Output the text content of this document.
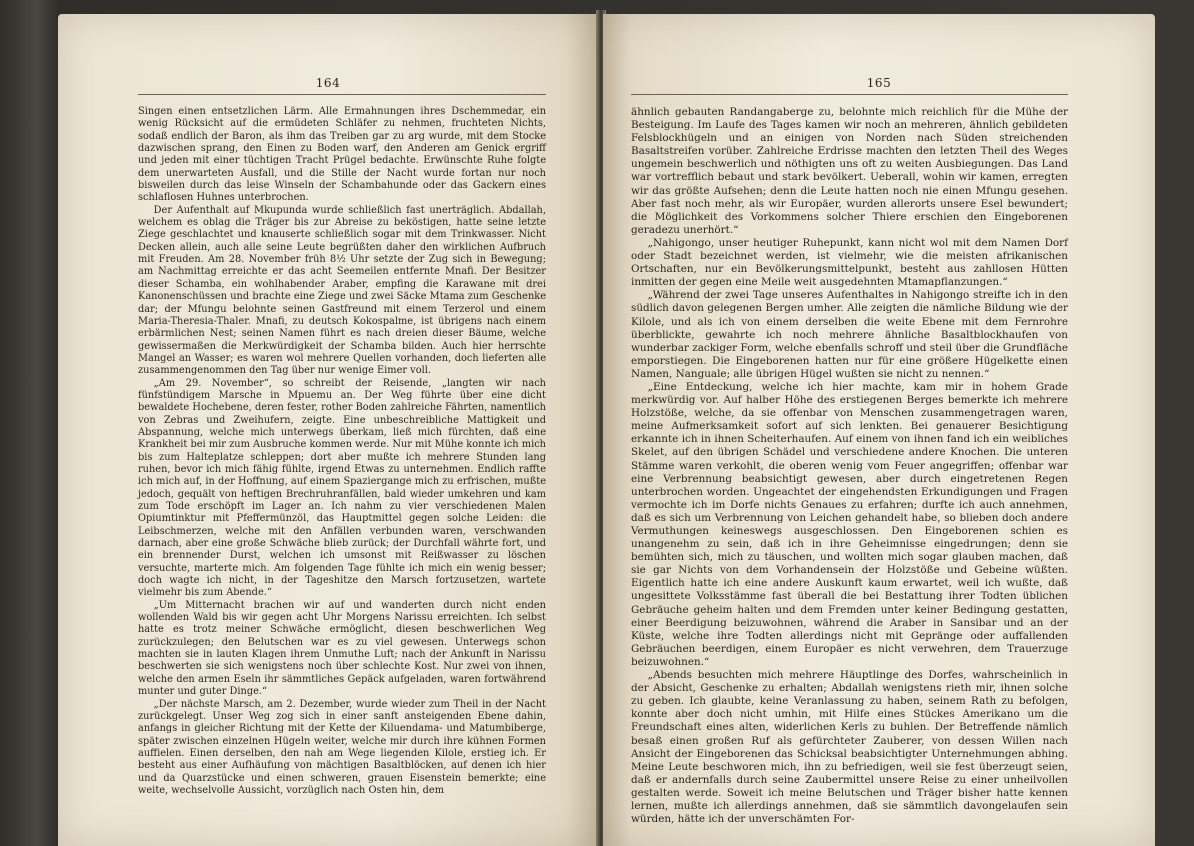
164

Singen einen entsetzlichen Lärm. Alle Ermahnungen ihres Dschemmedar, ein wenig Rücksicht auf die ermüdeten Schläfer zu nehmen, fruchteten Nichts, sodaß endlich der Baron, als ihm das Treiben gar zu arg wurde, mit dem Stocke dazwischen sprang, den Einen zu Boden warf, den Anderen am Genick ergriff und jeden mit einer tüchtigen Tracht Prügel bedachte. Erwünschte Ruhe folgte dem unerwarteten Ausfall, und die Stille der Nacht wurde fortan nur noch bisweilen durch das leise Winseln der Schambahunde oder das Gackern eines schlaflosen Huhnes unterbrochen.

Der Aufenthalt auf Mkupunda wurde schließlich fast unerträglich. Abdallah, welchem es oblag die Träger bis zur Abreise zu beköstigen, hatte seine letzte Ziege geschlachtet und knauserte schließlich sogar mit dem Trinkwasser. Nicht Decken allein, auch alle seine Leute begrüßten daher den wirklichen Aufbruch mit Freuden. Am 28. November früh 8½ Uhr setzte der Zug sich in Bewegung; am Nachmittag erreichte er das acht Seemeilen entfernte Mnafi. Der Besitzer dieser Schamba, ein wohlhabender Araber, empfing die Karawane mit drei Kanonenschüssen und brachte eine Ziege und zwei Säcke Mtama zum Geschenke dar; der Mfungu belohnte seinen Gastfreund mit einem Terzerol und einem Maria-Theresia-Thaler. Mnafi, zu deutsch Kokospalme, ist übrigens nach einem erbärmlichen Nest; seinen Namen führt es nach dreien dieser Bäume, welche gewissermaßen die Merkwürdigkeit der Schamba bilden. Auch hier herrschte Mangel an Wasser; es waren wol mehrere Quellen vorhanden, doch lieferten alle zusammengenommen den Tag über nur wenige Eimer voll.

„Am 29. November“, so schreibt der Reisende, „langten wir nach fünfstündigem Marsche in Mpuemu an. Der Weg führte über eine dicht bewaldete Hochebene, deren fester, rother Boden zahlreiche Fährten, namentlich von Zebras und Zweihufern, zeigte. Eine unbeschreibliche Mattigkeit und Abspannung, welche mich unterwegs überkam, ließ mich fürchten, daß eine Krankheit bei mir zum Ausbruche kommen werde. Nur mit Mühe konnte ich mich bis zum Halteplatze schleppen; dort aber mußte ich mehrere Stunden lang ruhen, bevor ich mich fähig fühlte, irgend Etwas zu unternehmen. Endlich raffte ich mich auf, in der Hoffnung, auf einem Spaziergange mich zu erfrischen, mußte jedoch, gequält von heftigen Brechruhranfällen, bald wieder umkehren und kam zum Tode erschöpft im Lager an. Ich nahm zu vier verschiedenen Malen Opiumtinktur mit Pfeffermünzöl, das Hauptmittel gegen solche Leiden: die Leibschmerzen, welche mit den Anfällen verbunden waren, verschwanden darnach, aber eine große Schwäche blieb zurück; der Durchfall währte fort, und ein brennender Durst, welchen ich umsonst mit Reißwasser zu löschen versuchte, marterte mich. Am folgenden Tage fühlte ich mich ein wenig besser; doch wagte ich nicht, in der Tageshitze den Marsch fortzusetzen, wartete vielmehr bis zum Abende.“

„Um Mitternacht brachen wir auf und wanderten durch nicht enden wollenden Wald bis wir gegen acht Uhr Morgens Narissu erreichten. Ich selbst hatte es trotz meiner Schwäche ermöglicht, diesen beschwerlichen Weg zurückzulegen; den Belutschen war es zu viel gewesen. Unterwegs schon machten sie in lauten Klagen ihrem Unmuthe Luft; nach der Ankunft in Narissu beschwerten sie sich wenigstens noch über schlechte Kost. Nur zwei von ihnen, welche den armen Eseln ihr sämmtliches Gepäck aufgeladen, waren fortwährend munter und guter Dinge.“

„Der nächste Marsch, am 2. Dezember, wurde wieder zum Theil in der Nacht zurückgelegt. Unser Weg zog sich in einer sanft ansteigenden Ebene dahin, anfangs in gleicher Richtung mit der Kette der Kiluendama- und Matumbiberge, später zwischen einzelnen Hügeln weiter, welche mir durch ihre kühnen Formen auffielen. Einen derselben, den nah am Wege liegenden Kilole, erstieg ich. Er besteht aus einer Aufhäufung von mächtigen Basaltblöcken, auf denen ich hier und da Quarzstücke und einen schweren, grauen Eisenstein bemerkte; eine weite, wechselvolle Aussicht, vorzüglich nach Osten hin, dem

165

ähnlich gebauten Randangaberge zu, belohnte mich reichlich für die Mühe der Besteigung. Im Laufe des Tages kamen wir noch an mehreren, ähnlich gebildeten Felsblockhügeln und an einigen von Norden nach Süden streichenden Basaltstreifen vorüber. Zahlreiche Erdrisse machten den letzten Theil des Weges ungemein beschwerlich und nöthigten uns oft zu weiten Ausbiegungen. Das Land war vortrefflich bebaut und stark bevölkert. Ueberall, wohin wir kamen, erregten wir das größte Aufsehen; denn die Leute hatten noch nie einen Mfungu gesehen. Aber fast noch mehr, als wir Europäer, wurden allerorts unsere Esel bewundert; die Möglichkeit des Vorkommens solcher Thiere erschien den Eingeborenen geradezu unerhört.“

„Nahigongo, unser heutiger Ruhepunkt, kann nicht wol mit dem Namen Dorf oder Stadt bezeichnet werden, ist vielmehr, wie die meisten afrikanischen Ortschaften, nur ein Bevölkerungsmittelpunkt, besteht aus zahllosen Hütten inmitten der gegen eine Meile weit ausgedehnten Mtamapflanzungen.“

„Während der zwei Tage unseres Aufenthaltes in Nahigongo streifte ich in den südlich davon gelegenen Bergen umher. Alle zeigten die nämliche Bildung wie der Kilole, und als ich von einem derselben die weite Ebene mit dem Fernrohre überblickte, gewahrte ich noch mehrere ähnliche Basaltblockhaufen von wunderbar zackiger Form, welche ebenfalls schroff und steil über die Grundfläche emporstiegen. Die Eingeborenen hatten nur für eine größere Hügelkette einen Namen, Nanguale; alle übrigen Hügel wußten sie nicht zu nennen.“

„Eine Entdeckung, welche ich hier machte, kam mir in hohem Grade merkwürdig vor. Auf halber Höhe des erstiegenen Berges bemerkte ich mehrere Holzstöße, welche, da sie offenbar von Menschen zusammengetragen waren, meine Aufmerksamkeit sofort auf sich lenkten. Bei genauerer Besichtigung erkannte ich in ihnen Scheiterhaufen. Auf einem von ihnen fand ich ein weibliches Skelet, auf den übrigen Schädel und verschiedene andere Knochen. Die unteren Stämme waren verkohlt, die oberen wenig vom Feuer angegriffen; offenbar war eine Verbrennung beabsichtigt gewesen, aber durch eingetretenen Regen unterbrochen worden. Ungeachtet der eingehendsten Erkundigungen und Fragen vermochte ich im Dorfe nichts Genaues zu erfahren; durfte ich auch annehmen, daß es sich um Verbrennung von Leichen gehandelt habe, so blieben doch andere Vermuthungen keineswegs ausgeschlossen. Den Eingeborenen schien es unangenehm zu sein, daß ich in ihre Geheimnisse eingedrungen; denn sie bemühten sich, mich zu täuschen, und wollten mich sogar glauben machen, daß sie gar Nichts von dem Vorhandensein der Holzstöße und Gebeine wüßten. Eigentlich hatte ich eine andere Auskunft kaum erwartet, weil ich wußte, daß ungesittete Volksstämme fast überall die bei Bestattung ihrer Todten üblichen Gebräuche geheim halten und dem Fremden unter keiner Bedingung gestatten, einer Beerdigung beizuwohnen, während die Araber in Sansibar und an der Küste, welche ihre Todten allerdings nicht mit Gepränge oder auffallenden Gebräuchen beerdigen, einem Europäer es nicht verwehren, dem Trauerzuge beizuwohnen.“

„Abends besuchten mich mehrere Häuptlinge des Dorfes, wahrscheinlich in der Absicht, Geschenke zu erhalten; Abdallah wenigstens rieth mir, ihnen solche zu geben. Ich glaubte, keine Veranlassung zu haben, seinem Rath zu befolgen, konnte aber doch nicht umhin, mit Hilfe eines Stückes Amerikano um die Freundschaft eines alten, widerlichen Kerls zu buhlen. Der Betreffende nämlich besaß einen großen Ruf als gefürchteter Zauberer, von dessen Willen nach Ansicht der Eingeborenen das Schicksal beabsichtigter Unternehmungen abhing. Meine Leute beschworen mich, ihn zu befriedigen, weil sie fest überzeugt seien, daß er andernfalls durch seine Zaubermittel unsere Reise zu einer unheilvollen gestalten werde. Soweit ich meine Belutschen und Träger bisher hatte kennen lernen, mußte ich allerdings annehmen, daß sie sämmtlich davongelaufen sein würden, hätte ich der unverschämten For-
